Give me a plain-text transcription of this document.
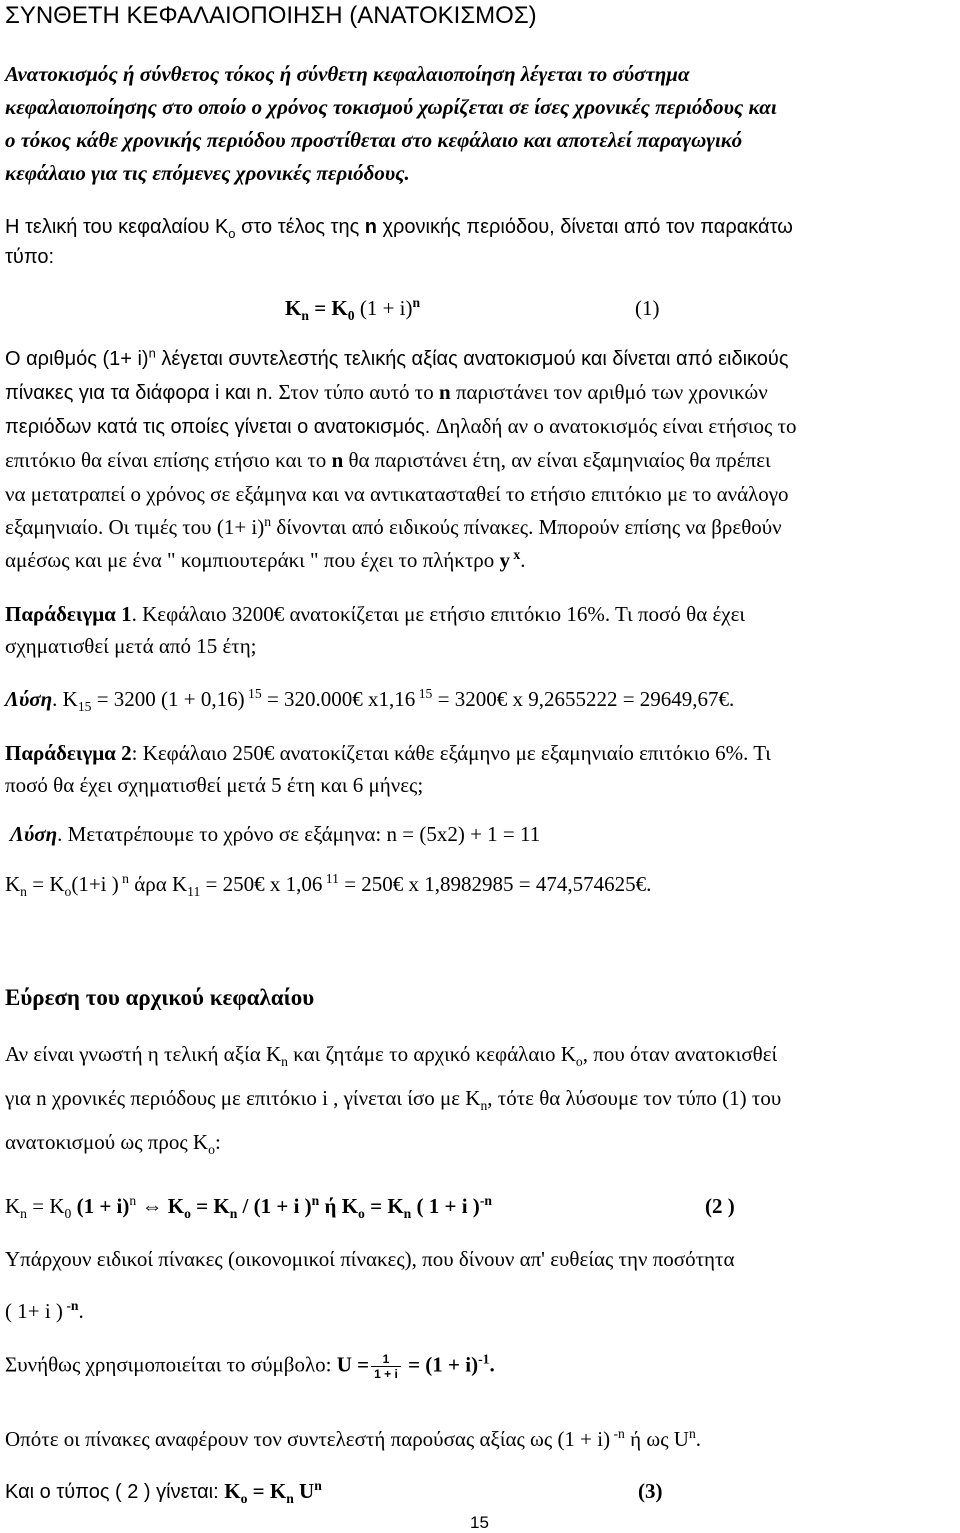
ΣΥΝΘΕΤΗ ΚΕΦΑΛΑΙΟΠΟΙΗΣΗ (ΑΝΑΤΟΚΙΣΜΟΣ)
Ανατοκισμός ή σύνθετος τόκος ή σύνθετη κεφαλαιοποίηση λέγεται το σύστημα
κεφαλαιοποίησης στο οποίο ο χρόνος τοκισμού χωρίζεται σε ίσες χρονικές περιόδους και
ο τόκος κάθε χρονικής περιόδου προστίθεται στο κεφάλαιο και αποτελεί παραγωγικό
κεφάλαιο για τις επόμενες χρονικές περιόδους.
Η τελική του κεφαλαίου $K_o$ στο τέλος της n χρονικής περιόδου, δίνεται από τον παρακάτω
τύπο:
$K_n = K_0$ $(1 + i)^n$	(1)
Ο αριθμός $(1+ i)^n$ λέγεται συντελεστής τελικής αξίας ανατοκισμού και δίνεται από ειδικούς
πίνακες για τα διάφορα i και n. Στον τύπο αυτό το n παριστάνει τον αριθμό των χρονικών
περιόδων κατά τις οποίες γίνεται ο ανατοκισμός. Δηλαδή αν ο ανατοκισμός είναι ετήσιος το
επιτόκιο θα είναι επίσης ετήσιο και το n θα παριστάνει έτη, αν είναι εξαμηνιαίος θα πρέπει
να μετατραπεί ο χρόνος σε εξάμηνα και να αντικατασταθεί το ετήσιο επιτόκιο με το ανάλογο
εξαμηνιαίο. Οι τιμές του $(1+ i)^n$ δίνονται από ειδικούς πίνακες. Μπορούν επίσης να βρεθούν
αμέσως και με ένα " κομπιουτεράκι " που έχει το πλήκτρο y $^x$.
Παράδειγμα 1. Κεφάλαιο 3200€ ανατοκίζεται με ετήσιο επιτόκιο 16%. Τι ποσό θα έχει
σχηματισθεί μετά από 15 έτη;
Λύση. $K_{15} = 3200$ (1 + 0,16) $^{15}$ = 320.000€ x1,16 $^{15}$ = 3200€ x 9,2655222 = 29649,67€.
Παράδειγμα 2: Κεφάλαιο 250€ ανατοκίζεται κάθε εξάμηνο με εξαμηνιαίο επιτόκιο 6%. Τι
ποσό θα έχει σχηματισθεί μετά 5 έτη και 6 μήνες;
Λύση. Μετατρέπουμε το χρόνο σε εξάμηνα: n = (5x2) + 1 = 11
$K_n = K_o(1+i$ ) $^n$ άρα $K_{11}$ = 250€ x 1,06 $^{11}$ = 250€ x 1,8982985 = 474,574625€.
Εύρεση του αρχικού κεφαλαίου
Αν είναι γνωστή η τελική αξία $K_n$ και ζητάμε το αρχικό κεφάλαιο $K_o$, που όταν ανατοκισθεί
για n χρονικές περιόδους με επιτόκιο i , γίνεται ίσο με $K_n$, τότε θα λύσουμε τον τύπο (1) του
ανατοκισμού ως προς $K_o$:
$K_n = K_0$ $(1 + i)^n$ ⇔ $K_o = K_n / (1 + i$ )$^n$ ή $K_o = K_n$ ( 1 + i )$^{-n}$	(2 )
Υπάρχουν ειδικοί πίνακες (οικονομικοί πίνακες), που δίνουν απ' ευθείας την ποσότητα
( 1+ i ) $^{-n}$.
Συνήθως χρησιμοποιείται το σύμβολο: $U = \frac{1}{1 + i} = (1 + i)^{-1}$.
Οπότε οι πίνακες αναφέρουν τον συντελεστή παρούσας αξίας ως (1 + i) $^{-n}$ ή ως $U^n$.
Και ο τύπος ( 2 ) γίνεται: $K_o = K_n$ $U^n$	(3)
15
